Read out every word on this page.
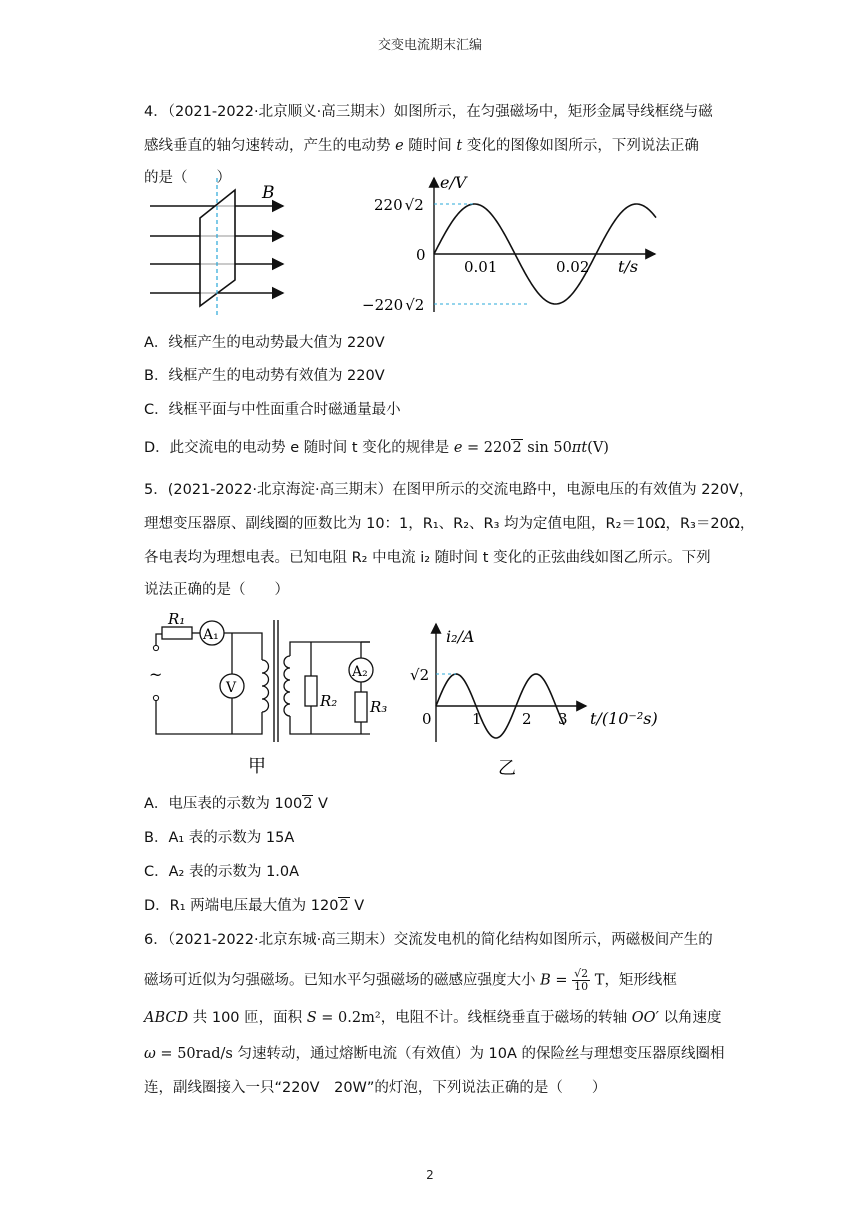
交变电流期末汇编
4．（2021-2022·北京顺义·高三期末）如图所示，在匀强磁场中，矩形金属导线框绕与磁
感线垂直的轴匀速转动，产生的电动势 e 随时间 t 变化的图像如图所示，下列说法正确
的是（　　）
B
e/V
t/s
0
0.01	0.02
220 √2
−220 √2
A．线框产生的电动势最大值为 220V
B．线框产生的电动势有效值为 220V
C．线框平面与中性面重合时磁通量最小
D．此交流电的电动势 e 随时间 t 变化的规律是 e = 2202 sin 50πt(V)
5．(2021-2022·北京海淀·高三期末）在图甲所示的交流电路中，电源电压的有效值为 220V，
理想变压器原、副线圈的匝数比为 10：1，R₁、R₂、R₃ 均为定值电阻，R₂＝10Ω，R₃＝20Ω，
各电表均为理想电表。已知电阻 R₂ 中电流 i₂ 随时间 t 变化的正弦曲线如图乙所示。下列
说法正确的是（　　）
~
R₁
A₁
V
R₂
A₂
R₃
甲
i₂/A
t/(10⁻²s)
0	1	2 3
√2
乙
A．电压表的示数为 1002 V
B．A₁ 表的示数为 15A
C．A₂ 表的示数为 1.0A
D．R₁ 两端电压最大值为 1202 V
6．（2021-2022·北京东城·高三期末）交流发电机的简化结构如图所示，两磁极间产生的
磁场可近似为匀强磁场。已知水平匀强磁场的磁感应强度大小 $B = \frac{√2}{10}$ T，矩形线框
ABCD 共 100 匝，面积 S = 0.2m²，电阻不计。线框绕垂直于磁场的转轴 OO′ 以角速度
ω = 50rad/s 匀速转动，通过熔断电流（有效值）为 10A 的保险丝与理想变压器原线圈相
连，副线圈接入一只“220V　20W”的灯泡，下列说法正确的是（　　）
2
